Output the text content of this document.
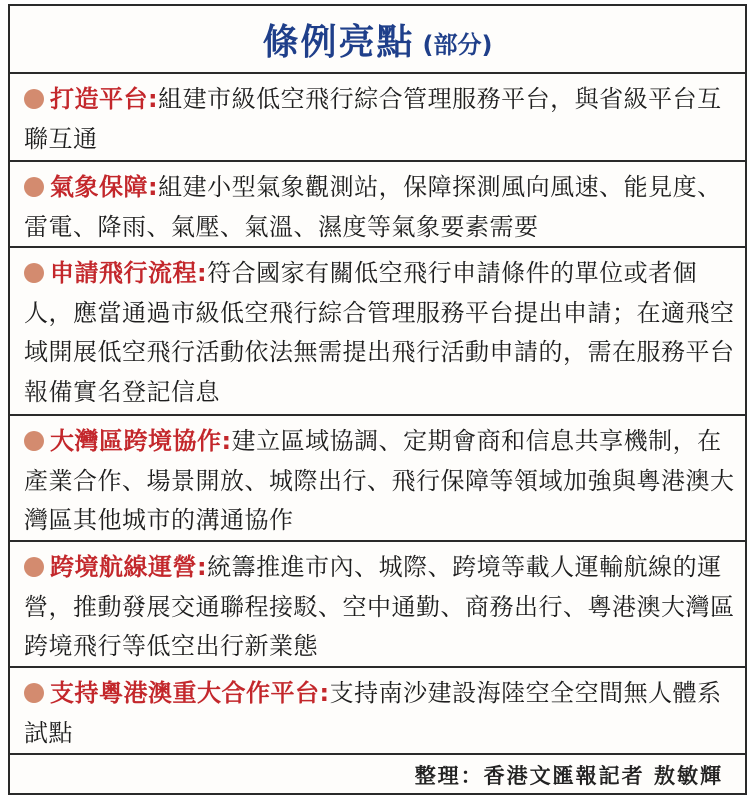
條例亮點 (部分)
打造平台:組建市級低空飛行綜合管理服務平台，與省級平台互聯互通
氣象保障:組建小型氣象觀測站，保障探測風向風速、能見度、雷電、降雨、氣壓、氣溫、濕度等氣象要素需要
申請飛行流程:符合國家有關低空飛行申請條件的單位或者個人，應當通過市級低空飛行綜合管理服務平台提出申請；在適飛空域開展低空飛行活動依法無需提出飛行活動申請的，需在服務平台報備實名登記信息
大灣區跨境協作:建立區域協調、定期會商和信息共享機制，在產業合作、場景開放、城際出行、飛行保障等領域加強與粵港澳大灣區其他城市的溝通協作
跨境航線運營:統籌推進市內、城際、跨境等載人運輸航線的運營，推動發展交通聯程接駁、空中通勤、商務出行、粵港澳大灣區跨境飛行等低空出行新業態
支持粵港澳重大合作平台:支持南沙建設海陸空全空間無人體系試點
整理：香港文匯報記者 敖敏輝
